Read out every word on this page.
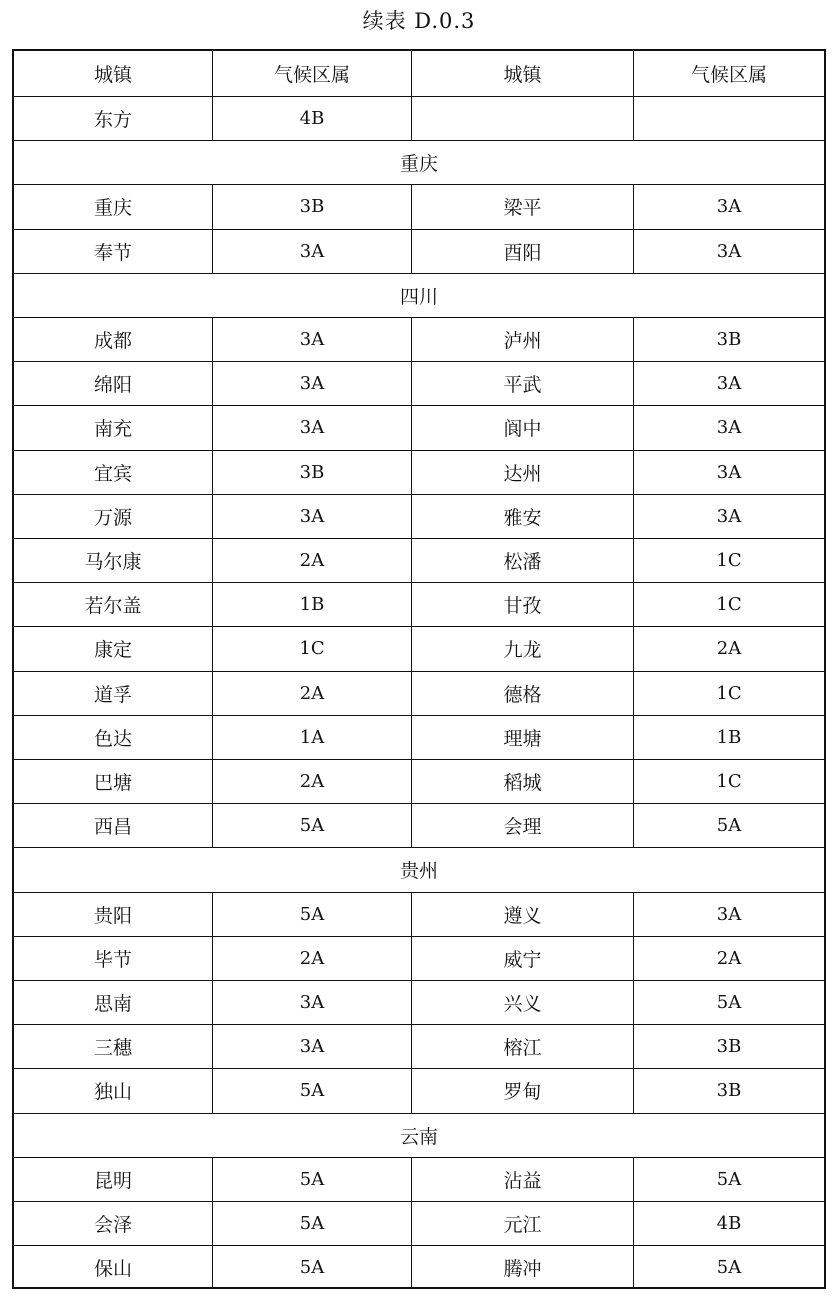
续表 D.0.3
城镇	气候区属	城镇	气候区属
东方	4B
重庆
重庆	3B	梁平	3A
奉节	3A	酉阳	3A
四川
成都	3A	泸州	3B
绵阳	3A	平武	3A
南充	3A	阆中	3A
宜宾	3B	达州	3A
万源	3A	雅安	3A
马尔康	2A	松潘	1C
若尔盖	1B	甘孜	1C
康定	1C	九龙	2A
道孚	2A	德格	1C
色达	1A	理塘	1B
巴塘	2A	稻城	1C
西昌	5A	会理	5A
贵州
贵阳	5A	遵义	3A
毕节	2A	威宁	2A
思南	3A	兴义	5A
三穗	3A	榕江	3B
独山	5A	罗甸	3B
云南
昆明	5A	沾益	5A
会泽	5A	元江	4B
保山	5A	腾冲	5A
